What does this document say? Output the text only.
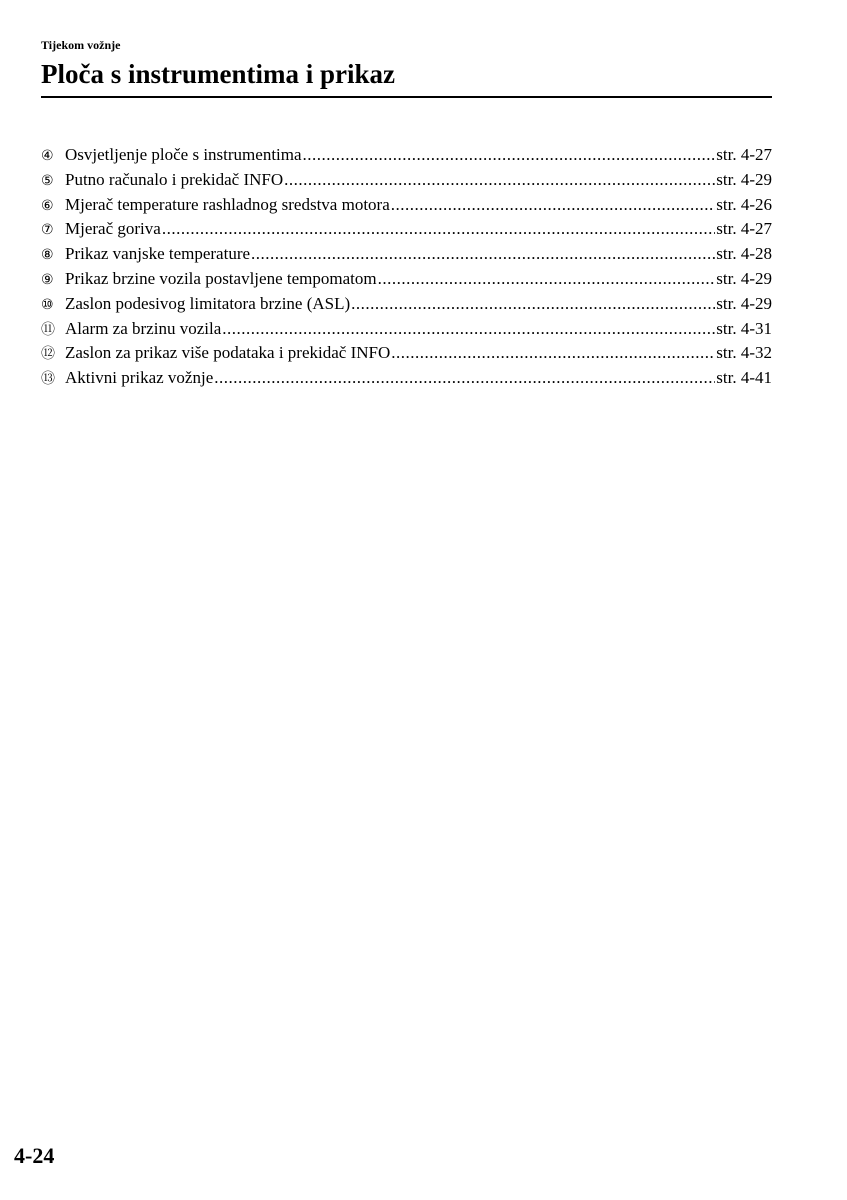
Tijekom vožnje
Ploča s instrumentima i prikaz
④ Osvjetljenje ploče s instrumentima .....	str. 4-27
⑤ Putno računalo i prekidač INFO .....	str. 4-29
⑥ Mjerač temperature rashladnog sredstva motora .....	str. 4-26
⑦ Mjerač goriva .....	str. 4-27
⑧ Prikaz vanjske temperature .....	str. 4-28
⑨ Prikaz brzine vozila postavljene tempomatom .....	str. 4-29
⑩ Zaslon podesivog limitatora brzine (ASL) .....	str. 4-29
⑪ Alarm za brzinu vozila .....	str. 4-31
⑫ Zaslon za prikaz više podataka i prekidač INFO .....	str. 4-32
⑬ Aktivni prikaz vožnje .....	str. 4-41
4-24
